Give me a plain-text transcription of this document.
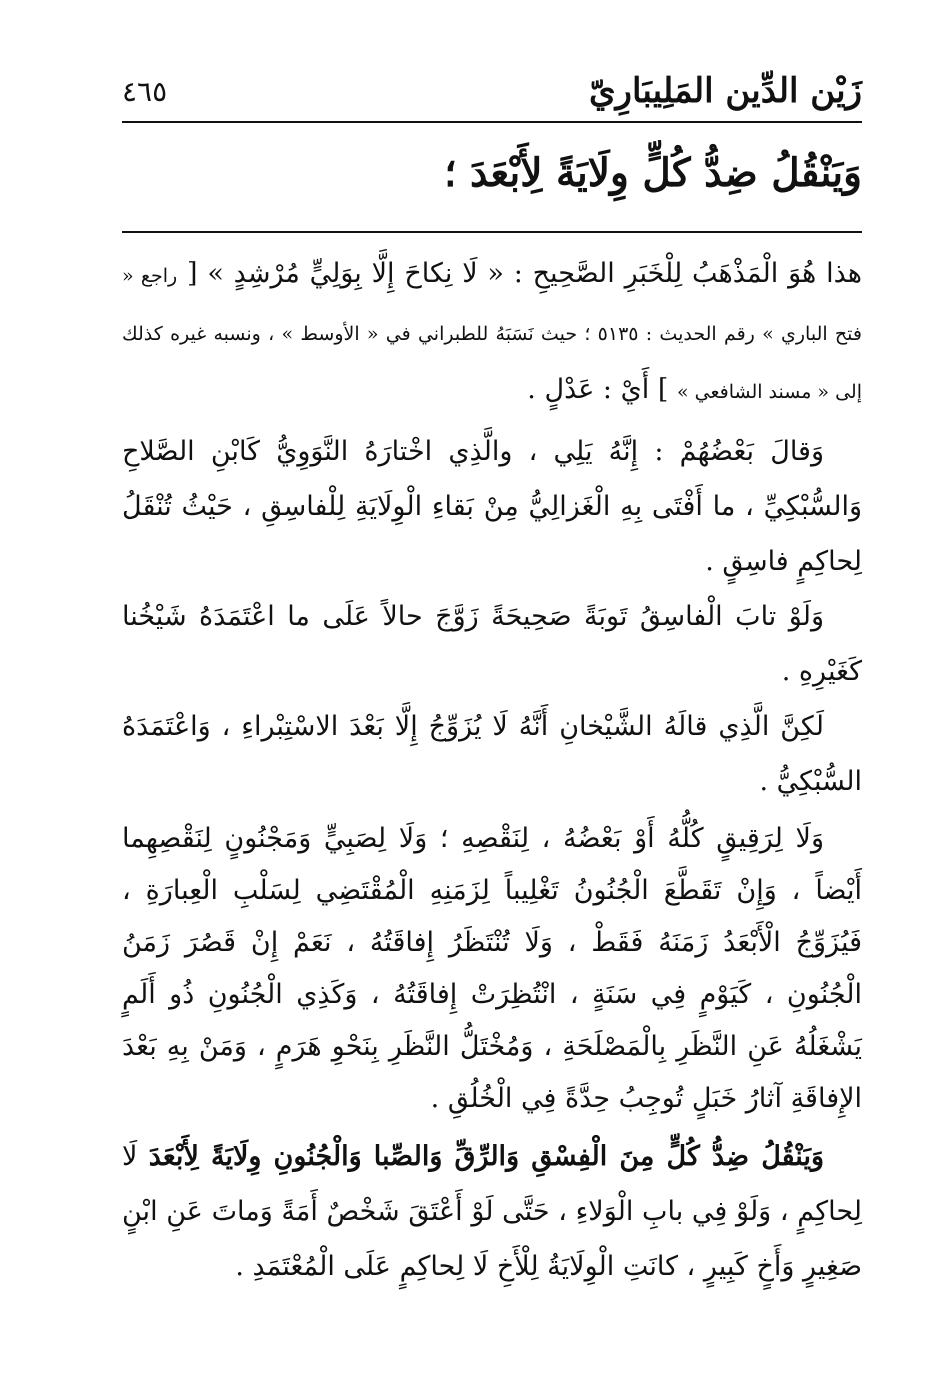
زَيْن الدِّين المَلِيبَارِيّ
٤٦٥
وَيَنْقُلُ ضِدُّ كُلٍّ وِلَايَةً لِأَبْعَدَ ؛

هذا هُوَ الْمَذْهَبُ لِلْخَبَرِ الصَّحِيحِ : « لَا نِكاحَ إِلَّا بِوَلِيٍّ مُرْشِدٍ » [ راجع « فتح الباري » رقم الحديث : ٥١٣٥ ؛ حيث نَسَبَهُ للطبراني في « الأوسط » ، ونسبه غيره كذلك إلى « مسند الشافعي » ] أَيْ : عَدْلٍ .

وَقالَ بَعْضُهُمْ : إِنَّهُ يَلِي ، والَّذِي اخْتارَهُ النَّوَوِيُّ كَابْنِ الصَّلاحِ وَالسُّبْكِيِّ ، ما أَفْتَى بِهِ الْغَزالِيُّ مِنْ بَقاءِ الْوِلَايَةِ لِلْفاسِقِ ، حَيْثُ تُنْقَلُ لِحاكِمٍ فاسِقٍ .

وَلَوْ تابَ الْفاسِقُ تَوبَةً صَحِيحَةً زَوَّجَ حالاً عَلَى ما اعْتَمَدَهُ شَيْخُنا كَغَيْرِهِ .

لَكِنَّ الَّذِي قالَهُ الشَّيْخانِ أَنَّهُ لَا يُزَوِّجُ إِلَّا بَعْدَ الاسْتِبْراءِ ، وَاعْتَمَدَهُ السُّبْكِيُّ .

وَلَا لِرَقِيقٍ كُلُّهُ أَوْ بَعْضُهُ ، لِنَقْصِهِ ؛ وَلَا لِصَبِيٍّ وَمَجْنُونٍ لِنَقْصِهِما أَيْضاً ، وَإِنْ تَقَطَّعَ الْجُنُونُ تَغْلِيباً لِزَمَنِهِ الْمُقْتَضِي لِسَلْبِ الْعِبارَةِ ، فَيُزَوِّجُ الْأَبْعَدُ زَمَنَهُ فَقَطْ ، وَلَا تُنْتَظَرُ إِفاقَتُهُ ، نَعَمْ إِنْ قَصُرَ زَمَنُ الْجُنُونِ ، كَيَوْمٍ فِي سَنَةٍ ، انْتُظِرَتْ إِفاقَتُهُ ، وَكَذِي الْجُنُونِ ذُو أَلَمٍ يَشْغَلُهُ عَنِ النَّظَرِ بِالْمَصْلَحَةِ ، وَمُخْتَلُّ النَّظَرِ بِنَحْوِ هَرَمٍ ، وَمَنْ بِهِ بَعْدَ الإِفاقَةِ آثارُ خَبَلٍ تُوجِبُ حِدَّةً فِي الْخُلُقِ .

وَيَنْقُلُ ضِدُّ كُلٍّ مِنَ الْفِسْقِ وَالرِّقِّ وَالصِّبا وَالْجُنُونِ وِلَايَةً لِأَبْعَدَ لَا لِحاكِمٍ ، وَلَوْ فِي بابِ الْوَلاءِ ، حَتَّى لَوْ أَعْتَقَ شَخْصٌ أَمَةً وَماتَ عَنِ ابْنٍ صَغِيرٍ وَأَخٍ كَبِيرٍ ، كانَتِ الْوِلَايَةُ لِلْأَخِ لَا لِحاكِمٍ عَلَى الْمُعْتَمَدِ .
